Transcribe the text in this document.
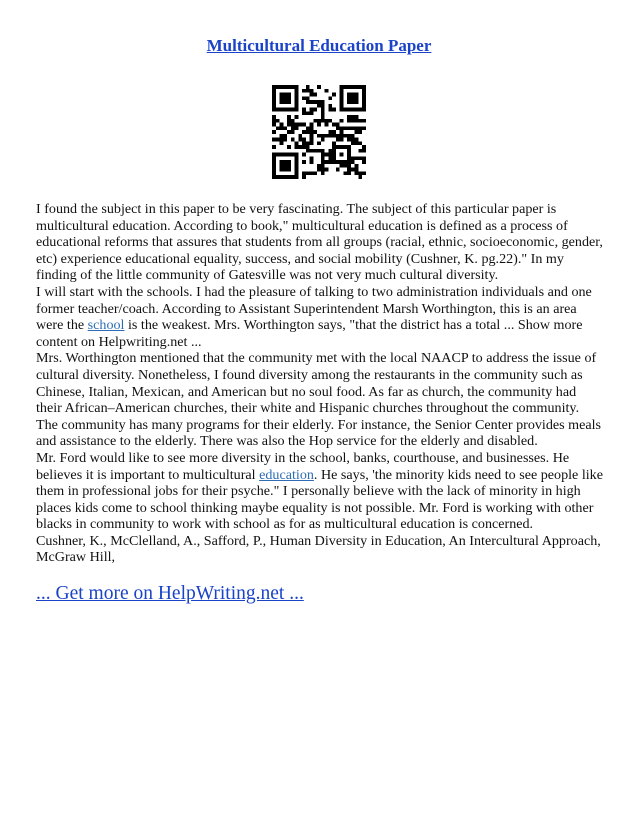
Multicultural Education Paper

I found the subject in this paper to be very fascinating. The subject of this particular paper is multicultural education. According to book," multicultural education is defined as a process of educational reforms that assures that students from all groups (racial, ethnic, socioeconomic, gender, etc) experience educational equality, success, and social mobility (Cushner, K. pg.22)." In my finding of the little community of Gatesville was not very much cultural diversity.

I will start with the schools. I had the pleasure of talking to two administration individuals and one former teacher/coach. According to Assistant Superintendent Marsh Worthington, this is an area were the school is the weakest. Mrs. Worthington says, "that the district has a total ... Show more content on Helpwriting.net ...

Mrs. Worthington mentioned that the community met with the local NAACP to address the issue of cultural diversity. Nonetheless, I found diversity among the restaurants in the community such as Chinese, Italian, Mexican, and American but no soul food. As far as church, the community had their African–American churches, their white and Hispanic churches throughout the community. The community has many programs for their elderly. For instance, the Senior Center provides meals and assistance to the elderly. There was also the Hop service for the elderly and disabled.

Mr. Ford would like to see more diversity in the school, banks, courthouse, and businesses. He believes it is important to multicultural education. He says, 'the minority kids need to see people like them in professional jobs for their psyche." I personally believe with the lack of minority in high places kids come to school thinking maybe equality is not possible. Mr. Ford is working with other blacks in community to work with school as for as multicultural education is concerned.

Cushner, K., McClelland, A., Safford, P., Human Diversity in Education, An Intercultural Approach, McGraw Hill,

... Get more on HelpWriting.net ...
